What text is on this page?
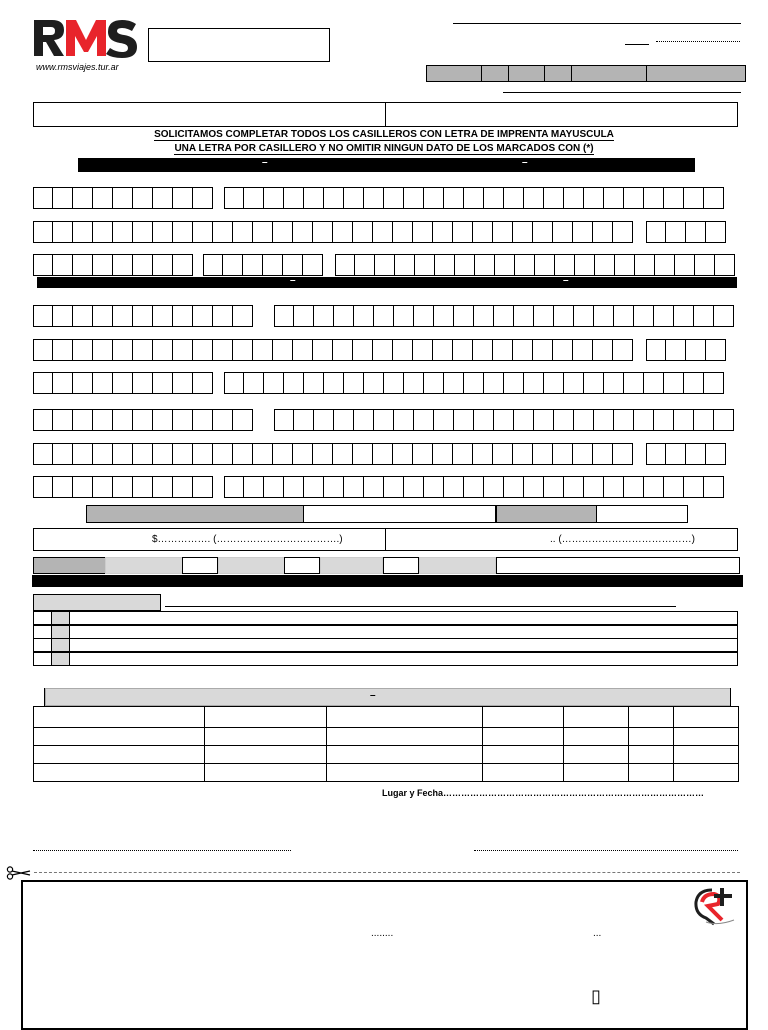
www.rmsviajes.tur.ar
SOLICITAMOS COMPLETAR TODOS LOS CASILLEROS CON LETRA DE IMPRENTA MAYUSCULA
UNA LETRA POR CASILLERO Y NO OMITIR NINGUN DATO DE LOS MARCADOS CON (*)
–	–
–	–
$……………. (……………………………….)	.. (…………………………………)
–
Lugar y Fecha……………………………………………………………………………
........	...
▯
